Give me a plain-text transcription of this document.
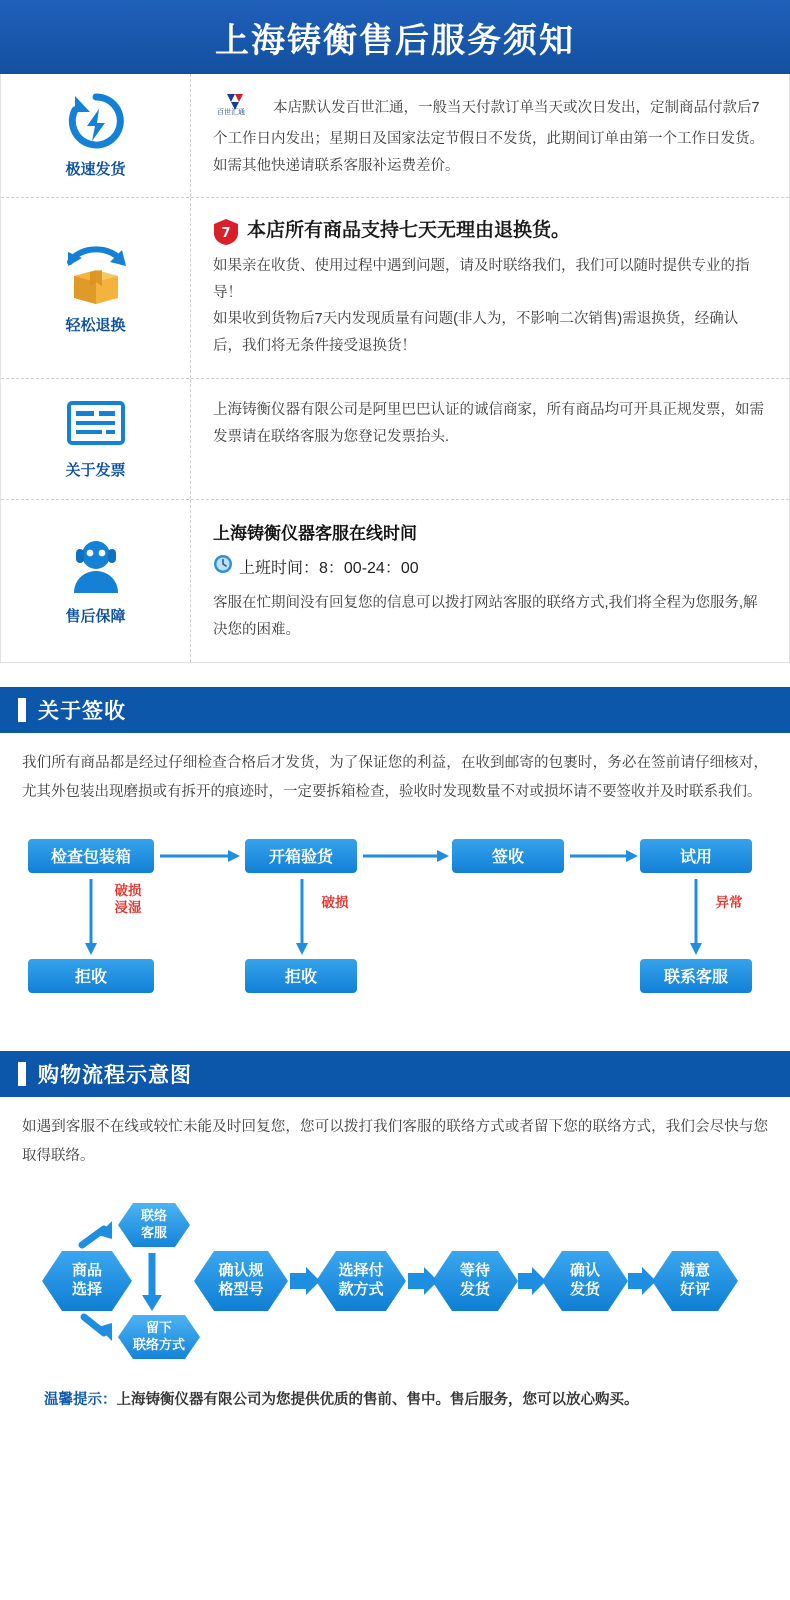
上海铸衡售后服务须知
极速发货

百世汇通 本店默认发百世汇通，一般当天付款订单当天或次日发出，定制商品付款后7个工作日内发出；星期日及国家法定节假日不发货，此期间订单由第一个工作日发货。如需其他快递请联系客服补运费差价。

轻松退换
7 本店所有商品支持七天无理由退换货。

如果亲在收货、使用过程中遇到问题，请及时联络我们，我们可以随时提供专业的指导！

如果收到货物后7天内发现质量有问题(非人为，不影响二次销售)需退换货，经确认后，我们将无条件接受退换货！

关于发票

上海铸衡仪器有限公司是阿里巴巴认证的诚信商家，所有商品均可开具正规发票，如需发票请在联络客服为您登记发票抬头.

售后保障
上海铸衡仪器客服在线时间
上班时间：8：00-24：00

客服在忙期间没有回复您的信息可以拨打网站客服的联络方式,我们将全程为您服务,解决您的困难。

关于签收

我们所有商品都是经过仔细检查合格后才发货，为了保证您的利益，在收到邮寄的包裹时，务必在签前请仔细核对，尤其外包装出现磨损或有拆开的痕迹时，一定要拆箱检查，验收时发现数量不对或损坏请不要签收并及时联系我们。

检查包装箱	开箱验货	签收	试用
破损
浸湿	破损	异常
拒收	拒收	联系客服
购物流程示意图

如遇到客服不在线或较忙未能及时回复您，您可以拨打我们客服的联络方式或者留下您的联络方式，我们会尽快与您取得联络。

商品
选择
联络
客服
留下
联络方式
确认规
格型号
选择付
款方式
等待
发货
确认
发货
满意
好评
温馨提示：上海铸衡仪器有限公司为您提供优质的售前、售中。售后服务，您可以放心购买。
